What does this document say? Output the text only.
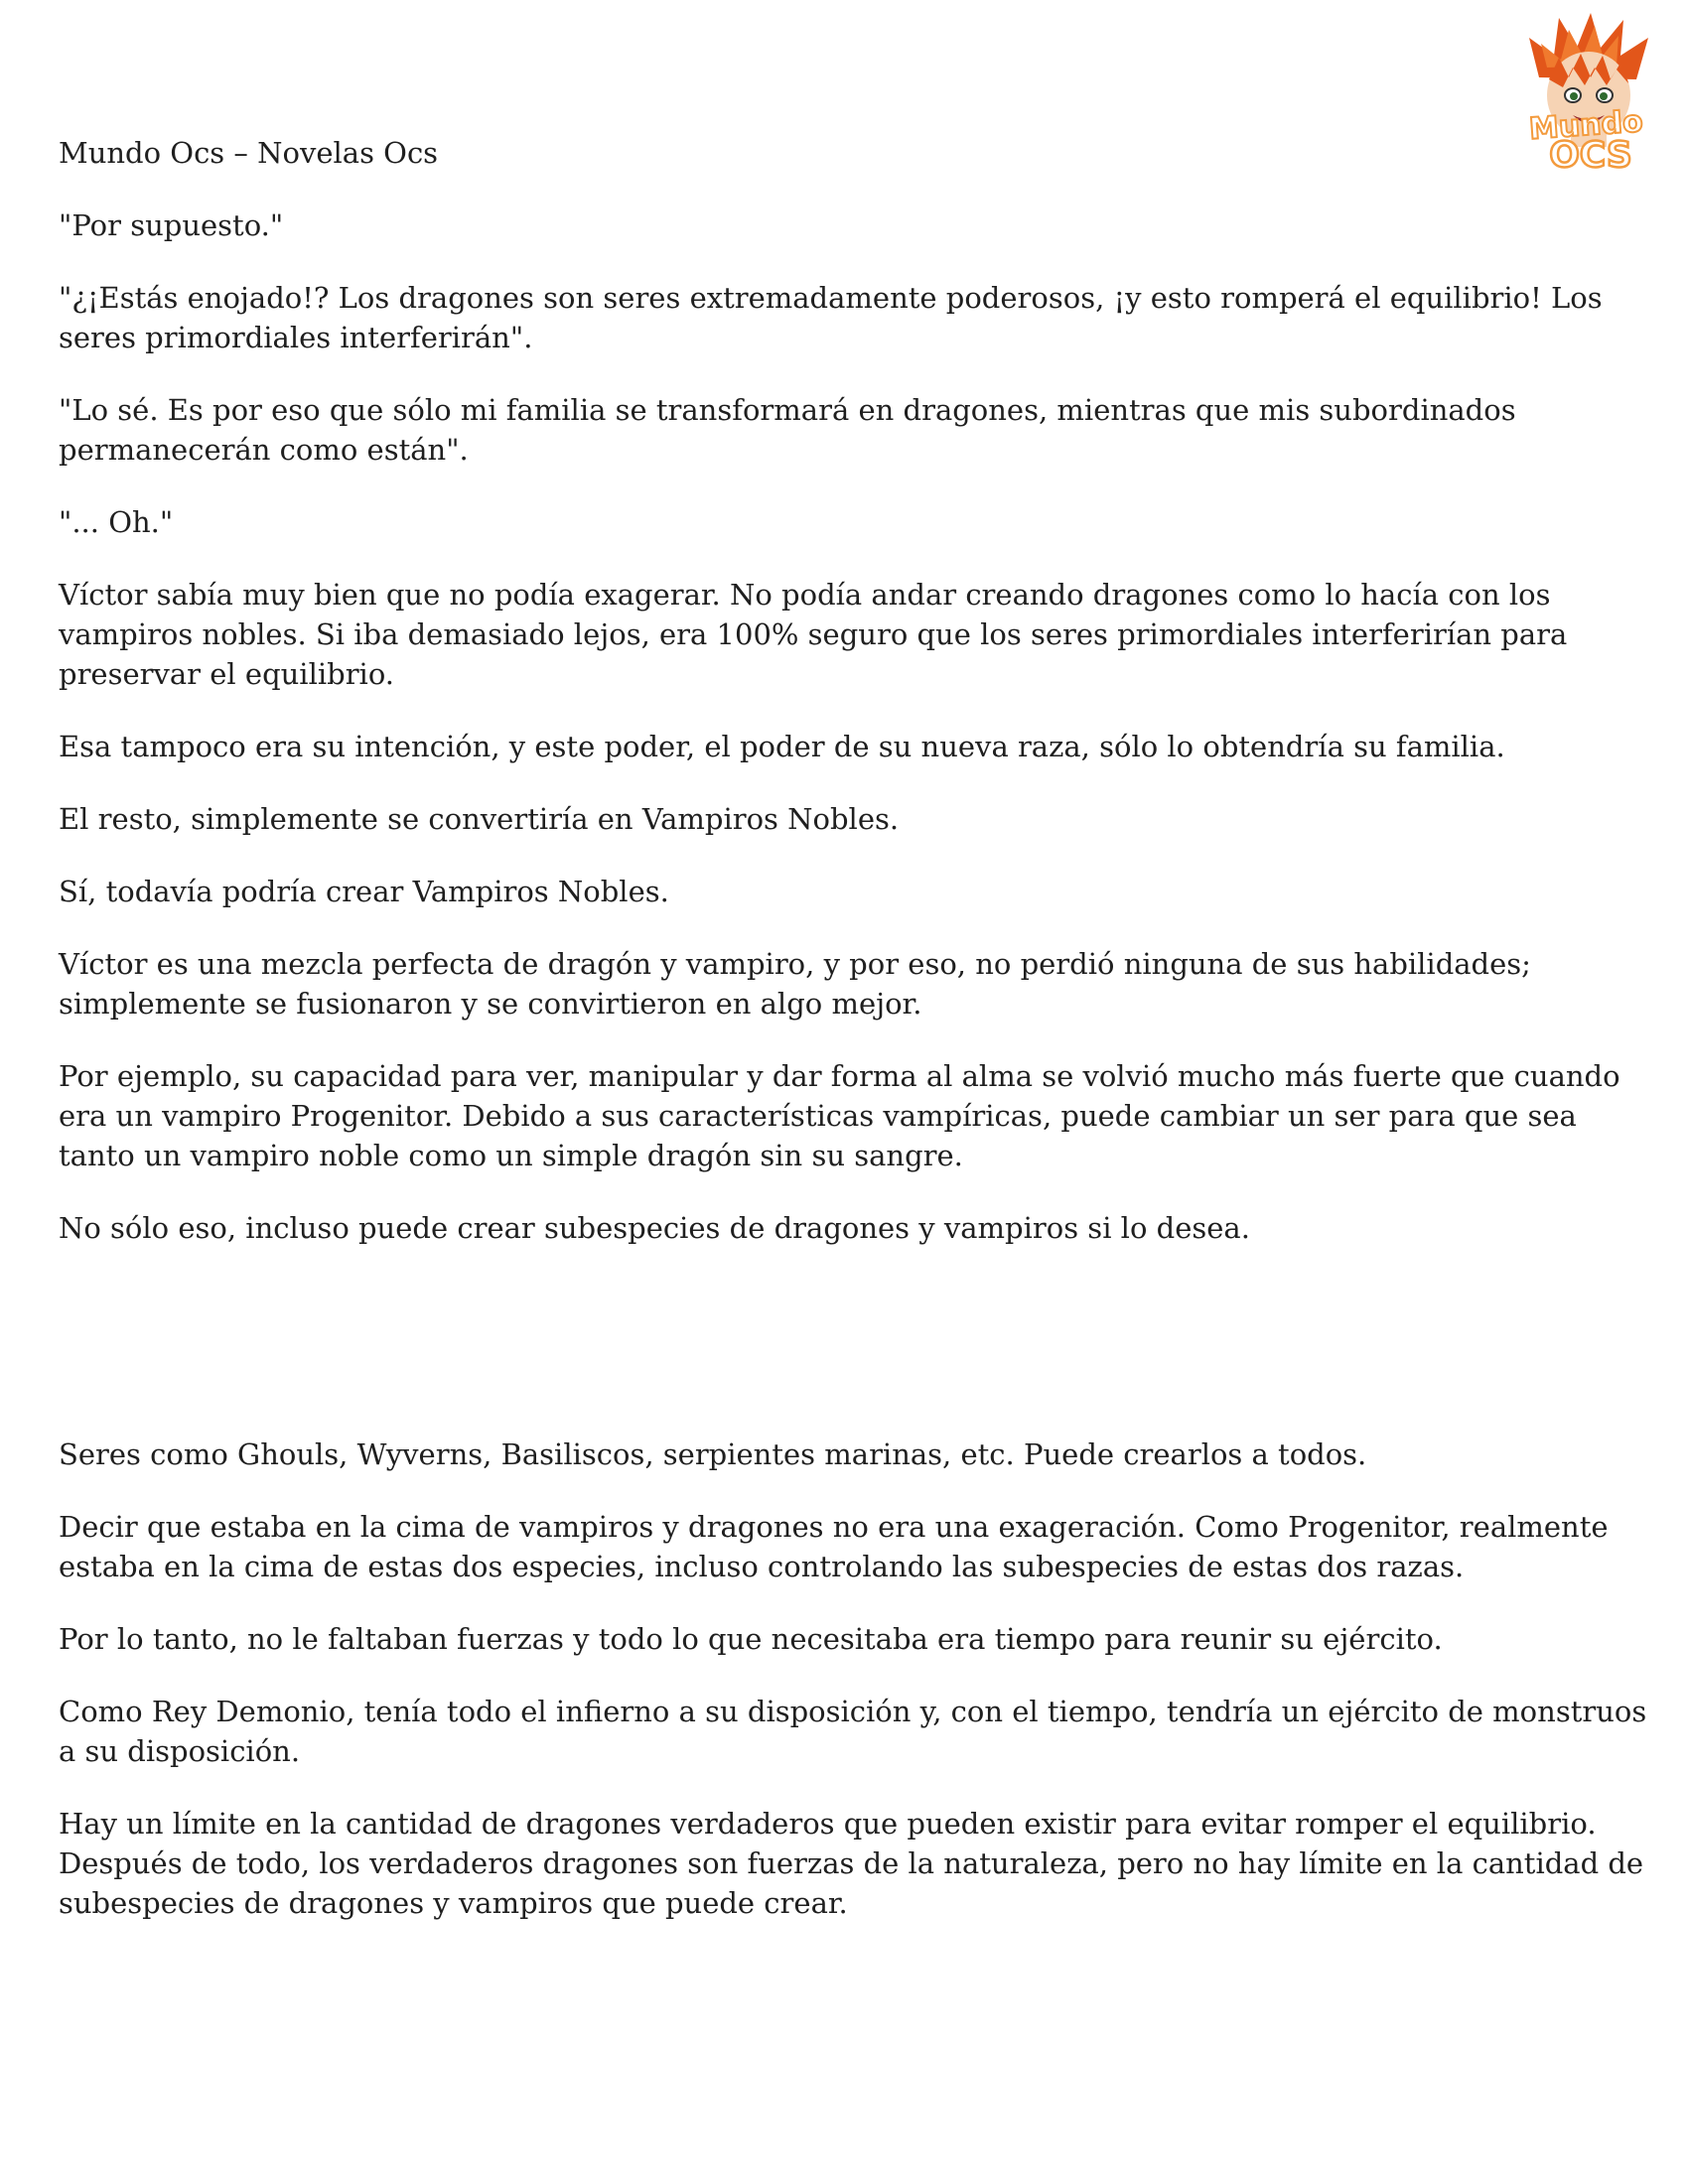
Mundo Ocs – Novelas Ocs

Mundo
OCS

"Por supuesto."

"¿¡Estás enojado!? Los dragones son seres extremadamente poderosos, ¡y esto romperá el equilibrio! Los seres primordiales interferirán".

"Lo sé. Es por eso que sólo mi familia se transformará en dragones, mientras que mis subordinados permanecerán como están".

"... Oh."

Víctor sabía muy bien que no podía exagerar. No podía andar creando dragones como lo hacía con los vampiros nobles. Si iba demasiado lejos, era 100% seguro que los seres primordiales interferirían para preservar el equilibrio.

Esa tampoco era su intención, y este poder, el poder de su nueva raza, sólo lo obtendría su familia.

El resto, simplemente se convertiría en Vampiros Nobles.

Sí, todavía podría crear Vampiros Nobles.

Víctor es una mezcla perfecta de dragón y vampiro, y por eso, no perdió ninguna de sus habilidades; simplemente se fusionaron y se convirtieron en algo mejor.

Por ejemplo, su capacidad para ver, manipular y dar forma al alma se volvió mucho más fuerte que cuando era un vampiro Progenitor. Debido a sus características vampíricas, puede cambiar un ser para que sea tanto un vampiro noble como un simple dragón sin su sangre.

No sólo eso, incluso puede crear subespecies de dragones y vampiros si lo desea.

Seres como Ghouls, Wyverns, Basiliscos, serpientes marinas, etc. Puede crearlos a todos.

Decir que estaba en la cima de vampiros y dragones no era una exageración. Como Progenitor, realmente estaba en la cima de estas dos especies, incluso controlando las subespecies de estas dos razas.

Por lo tanto, no le faltaban fuerzas y todo lo que necesitaba era tiempo para reunir su ejército.

Como Rey Demonio, tenía todo el infierno a su disposición y, con el tiempo, tendría un ejército de monstruos a su disposición.

Hay un límite en la cantidad de dragones verdaderos que pueden existir para evitar romper el equilibrio. Después de todo, los verdaderos dragones son fuerzas de la naturaleza, pero no hay límite en la cantidad de subespecies de dragones y vampiros que puede crear.
